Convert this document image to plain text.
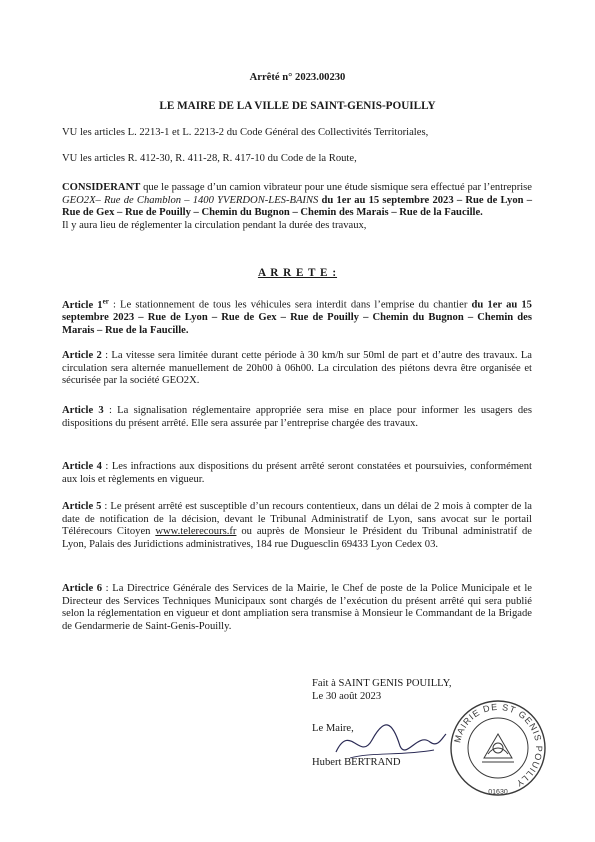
Arrêté n° 2023.00230
LE MAIRE DE LA VILLE DE SAINT-GENIS-POUILLY
VU les articles L. 2213-1 et L. 2213-2 du Code Général des Collectivités Territoriales,
VU les articles R. 412-30, R. 411-28, R. 417-10 du Code de la Route,
CONSIDERANT que le passage d’un camion vibrateur pour une étude sismique sera effectué par l’entreprise GEO2X– Rue de Chamblon – 1400 YVERDON-LES-BAINS du 1er au 15 septembre 2023 – Rue de Lyon – Rue de Gex – Rue de Pouilly – Chemin du Bugnon – Chemin des Marais – Rue de la Faucille.
Il y aura lieu de réglementer la circulation pendant la durée des travaux,
A R R E T E :
Article 1er : Le stationnement de tous les véhicules sera interdit dans l’emprise du chantier du 1er au 15 septembre 2023 – Rue de Lyon – Rue de Gex – Rue de Pouilly – Chemin du Bugnon – Chemin des Marais – Rue de la Faucille.
Article 2 : La vitesse sera limitée durant cette période à 30 km/h sur 50ml de part et d’autre des travaux. La circulation sera alternée manuellement de 20h00 à 06h00. La circulation des piétons devra être organisée et sécurisée par la société GEO2X.
Article 3 : La signalisation réglementaire appropriée sera mise en place pour informer les usagers des dispositions du présent arrêté. Elle sera assurée par l’entreprise chargée des travaux.
Article 4 : Les infractions aux dispositions du présent arrêté seront constatées et poursuivies, conformément aux lois et règlements en vigueur.
Article 5 : Le présent arrêté est susceptible d’un recours contentieux, dans un délai de 2 mois à compter de la date de notification de la décision, devant le Tribunal Administratif de Lyon, sans avocat sur le portail Télérecours Citoyen www.telerecours.fr ou auprès de Monsieur le Président du Tribunal administratif de Lyon, Palais des Juridictions administratives, 184 rue Duguesclin 69433 Lyon Cedex 03.
Article 6 : La Directrice Générale des Services de la Mairie, le Chef de poste de la Police Municipale et le Directeur des Services Techniques Municipaux sont chargés de l’exécution du présent arrêté qui sera publié selon la réglementation en vigueur et dont ampliation sera transmise à Monsieur le Commandant de la Brigade de Gendarmerie de Saint-Genis-Pouilly.
Fait à SAINT GENIS POUILLY,
Le 30 août 2023
Le Maire,
Hubert BERTRAND
MAIRIE DE ST GENIS POUILLY
01630
